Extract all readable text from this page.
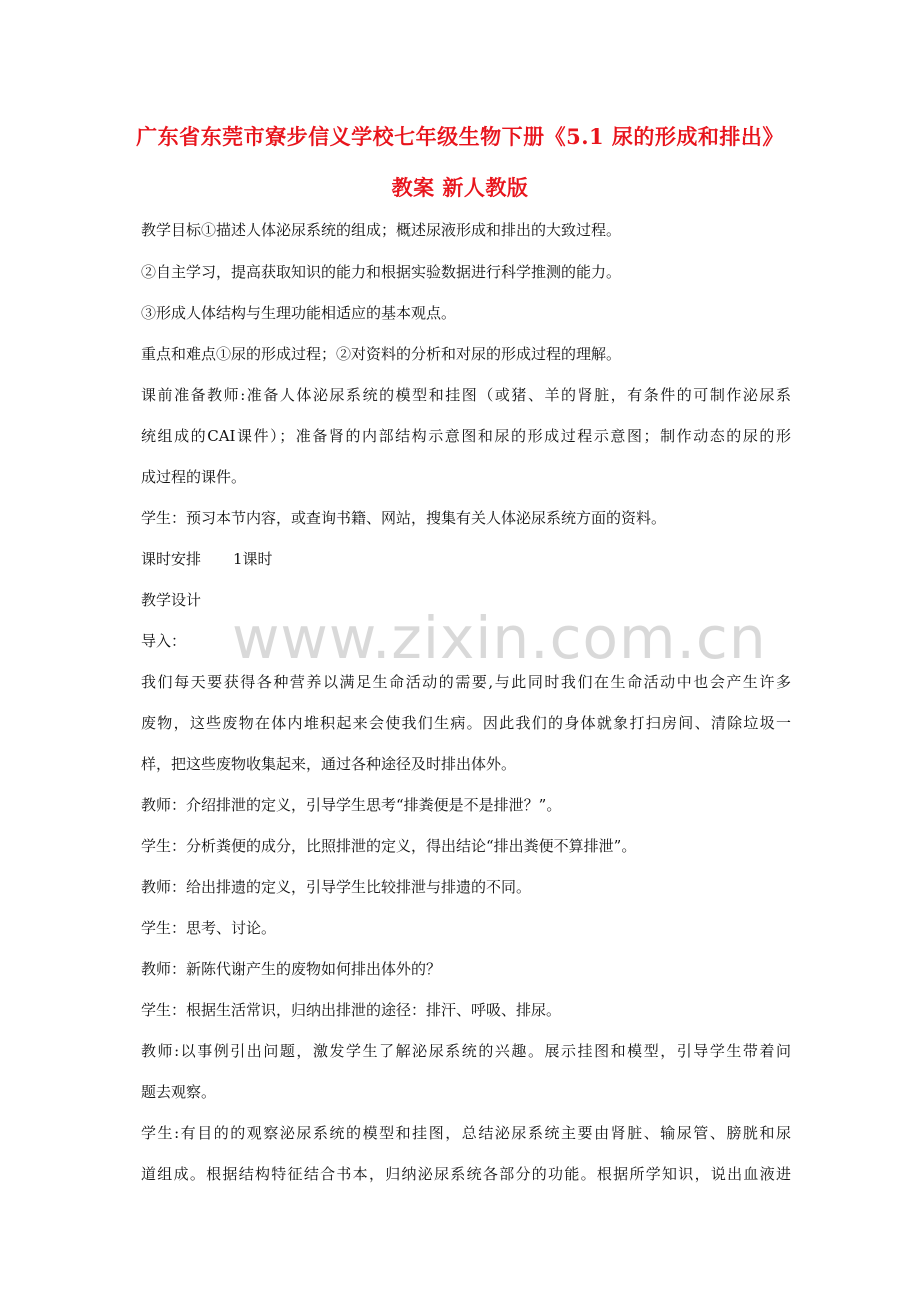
广东省东莞市寮步信义学校七年级生物下册《5.1 尿的形成和排出》
教案 新人教版
教学目标①描述人体泌尿系统的组成；概述尿液形成和排出的大致过程。
②自主学习，提高获取知识的能力和根据实验数据进行科学推测的能力。
③形成人体结构与生理功能相适应的基本观点。
重点和难点①尿的形成过程；②对资料的分析和对尿的形成过程的理解。
课前准备教师:准备人体泌尿系统的模型和挂图（或猪、羊的肾脏，有条件的可制作泌尿系
统组成的CAI课件）；准备肾的内部结构示意图和尿的形成过程示意图；制作动态的尿的形
成过程的课件。
学生：预习本节内容，或查询书籍、网站，搜集有关人体泌尿系统方面的资料。
课时安排 1课时
教学设计
导入：
我们每天要获得各种营养以满足生命活动的需要,与此同时我们在生命活动中也会产生许多
废物，这些废物在体内堆积起来会使我们生病。因此我们的身体就象打扫房间、清除垃圾一
样，把这些废物收集起来，通过各种途径及时排出体外。
教师：介绍排泄的定义，引导学生思考“排粪便是不是排泄？”。
学生：分析粪便的成分，比照排泄的定义，得出结论“排出粪便不算排泄”。
教师：给出排遗的定义，引导学生比较排泄与排遗的不同。
学生：思考、讨论。
教师：新陈代谢产生的废物如何排出体外的？
学生：根据生活常识，归纳出排泄的途径：排汗、呼吸、排尿。
教师:以事例引出问题，激发学生了解泌尿系统的兴趣。展示挂图和模型，引导学生带着问
题去观察。
学生:有目的的观察泌尿系统的模型和挂图，总结泌尿系统主要由肾脏、输尿管、膀胱和尿
道组成。根据结构特征结合书本，归纳泌尿系统各部分的功能。根据所学知识，说出血液进
www.zixin.com.cn
